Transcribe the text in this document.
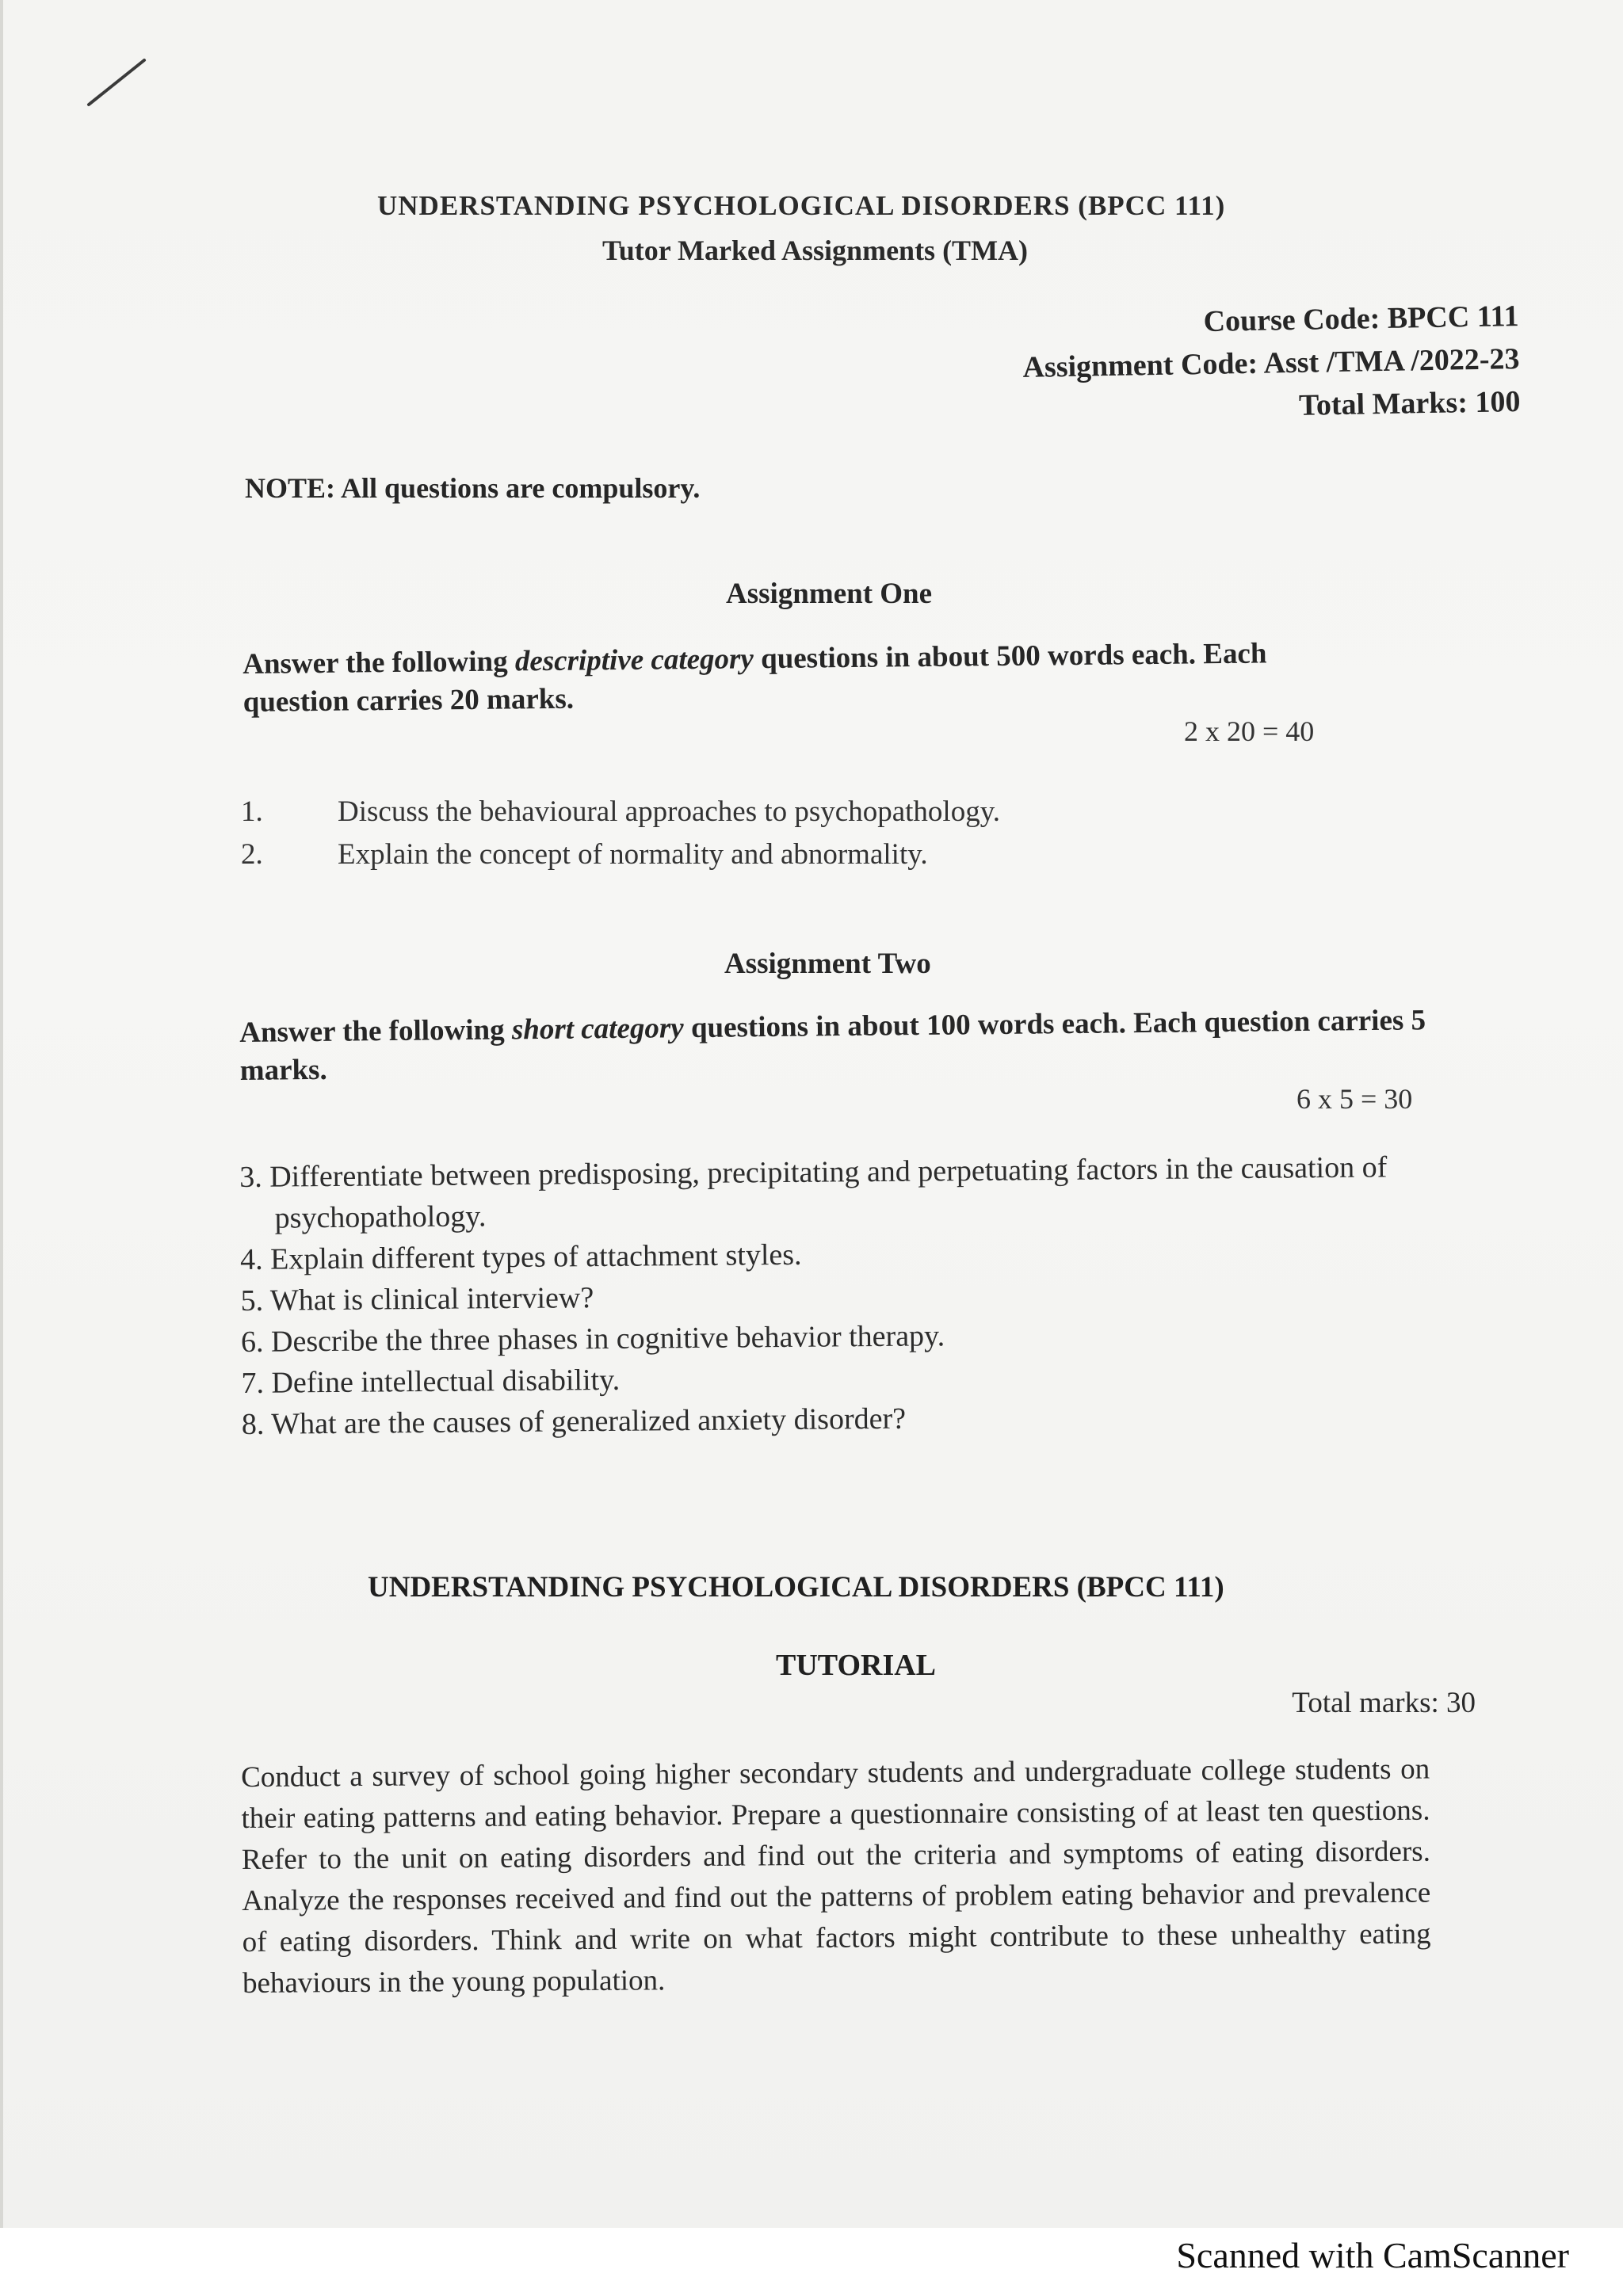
UNDERSTANDING PSYCHOLOGICAL DISORDERS (BPCC 111)
Tutor Marked Assignments (TMA)
Course Code: BPCC 111
Assignment Code: Asst /TMA /2022-23
Total Marks: 100
NOTE: All questions are compulsory.
Assignment One
Answer the following descriptive category questions in about 500 words each. Each question carries 20 marks.
2 x 20 = 40
1.	Discuss the behavioural approaches to psychopathology.
2.	Explain the concept of normality and abnormality.
Assignment Two
Answer the following short category questions in about 100 words each. Each question carries 5 marks.
6 x 5 = 30
3. Differentiate between predisposing, precipitating and perpetuating factors in the causation of
psychopathology.
4. Explain different types of attachment styles.
5. What is clinical interview?
6. Describe the three phases in cognitive behavior therapy.
7. Define intellectual disability.
8. What are the causes of generalized anxiety disorder?
UNDERSTANDING PSYCHOLOGICAL DISORDERS (BPCC 111)
TUTORIAL
Total marks: 30
Conduct a survey of school going higher secondary students and undergraduate college students on their eating patterns and eating behavior. Prepare a questionnaire consisting of at least ten questions. Refer to the unit on eating disorders and find out the criteria and symptoms of eating disorders. Analyze the responses received and find out the patterns of problem eating behavior and prevalence of eating disorders. Think and write on what factors might contribute to these unhealthy eating behaviours in the young population.
Scanned with CamScanner
